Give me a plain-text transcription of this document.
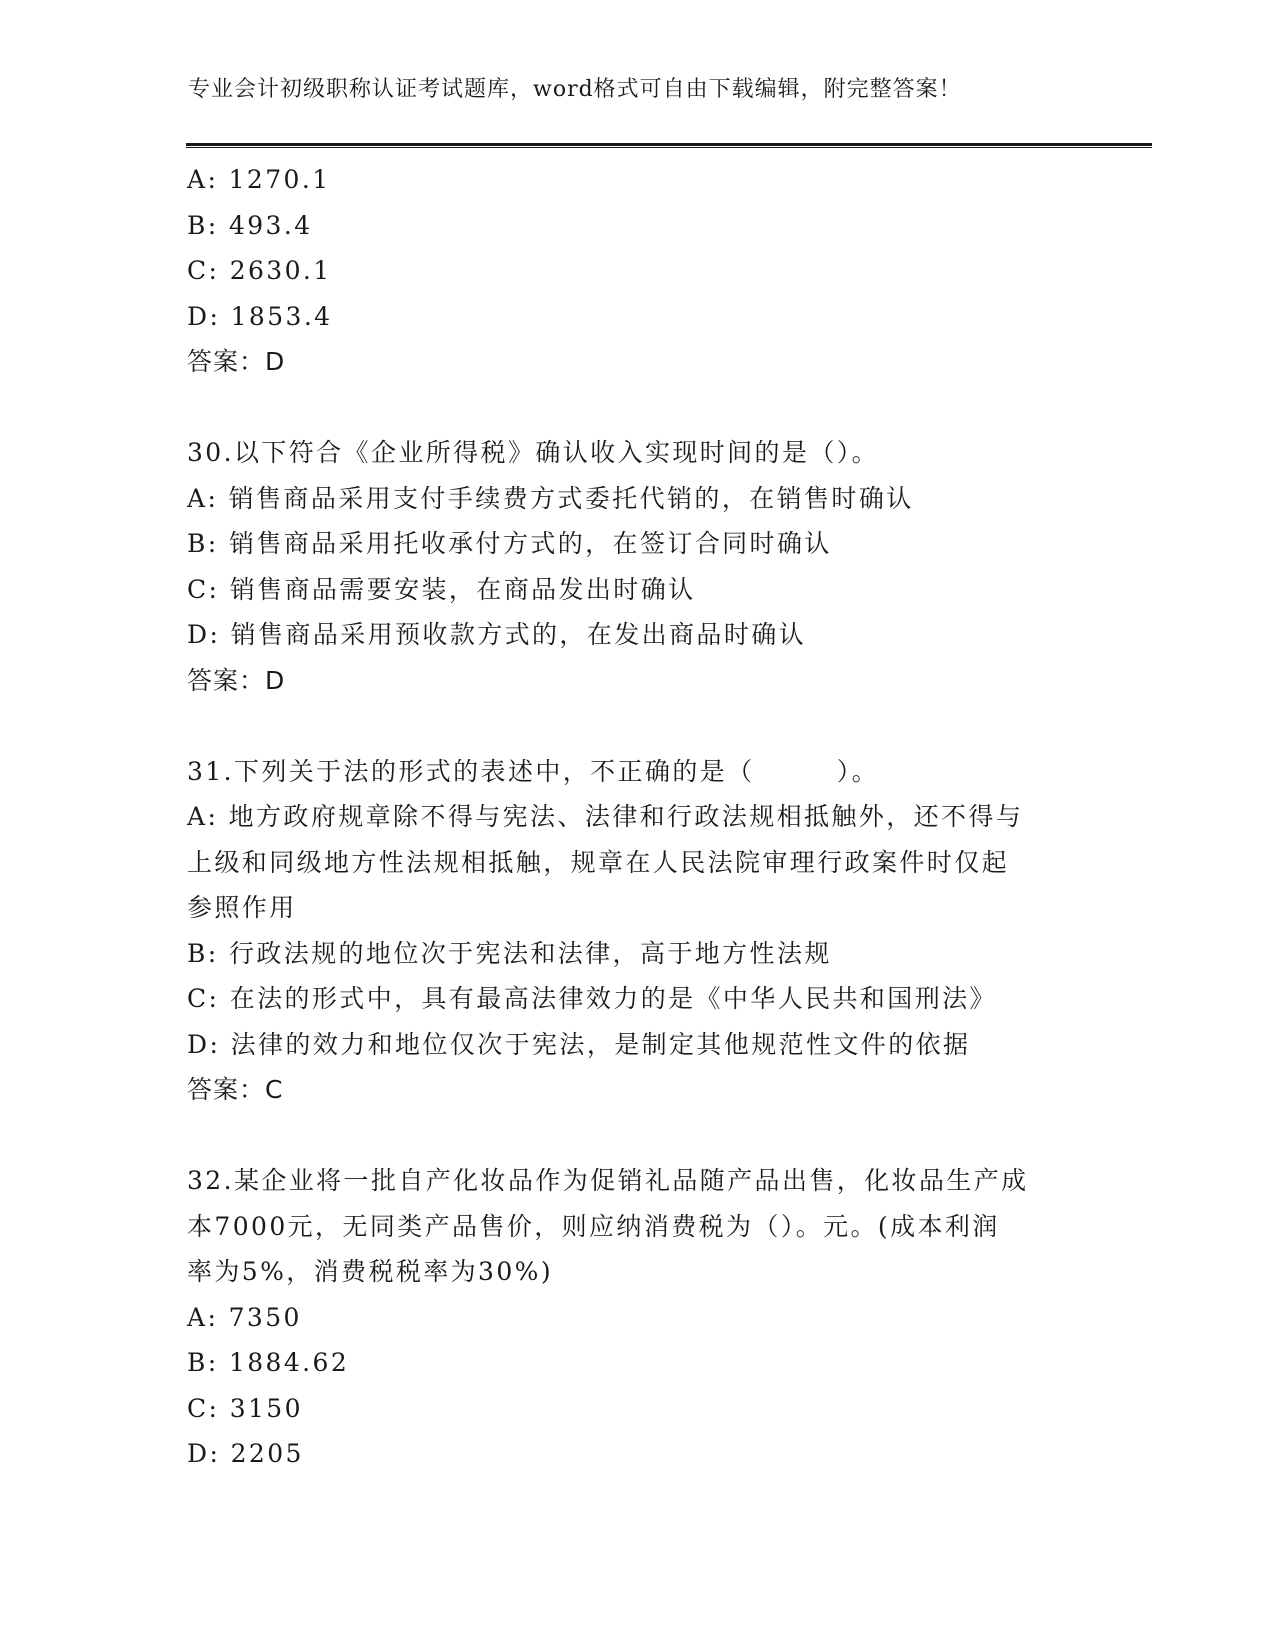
专业会计初级职称认证考试题库，word格式可自由下载编辑，附完整答案！
A: 1270.1
B: 493.4
C: 2630.1
D: 1853.4
答案：D
30.以下符合《企业所得税》确认收入实现时间的是（）。
A: 销售商品采用支付手续费方式委托代销的，在销售时确认
B: 销售商品采用托收承付方式的，在签订合同时确认
C: 销售商品需要安装，在商品发出时确认
D: 销售商品采用预收款方式的，在发出商品时确认
答案：D
31.下列关于法的形式的表述中，不正确的是（　　　）。
A: 地方政府规章除不得与宪法、法律和行政法规相抵触外，还不得与
上级和同级地方性法规相抵触，规章在人民法院审理行政案件时仅起
参照作用
B: 行政法规的地位次于宪法和法律，高于地方性法规
C: 在法的形式中，具有最高法律效力的是《中华人民共和国刑法》
D: 法律的效力和地位仅次于宪法，是制定其他规范性文件的依据
答案：C
32.某企业将一批自产化妆品作为促销礼品随产品出售，化妆品生产成
本7000元，无同类产品售价，则应纳消费税为（）。元。(成本利润
率为5%，消费税税率为30%)
A: 7350
B: 1884.62
C: 3150
D: 2205
